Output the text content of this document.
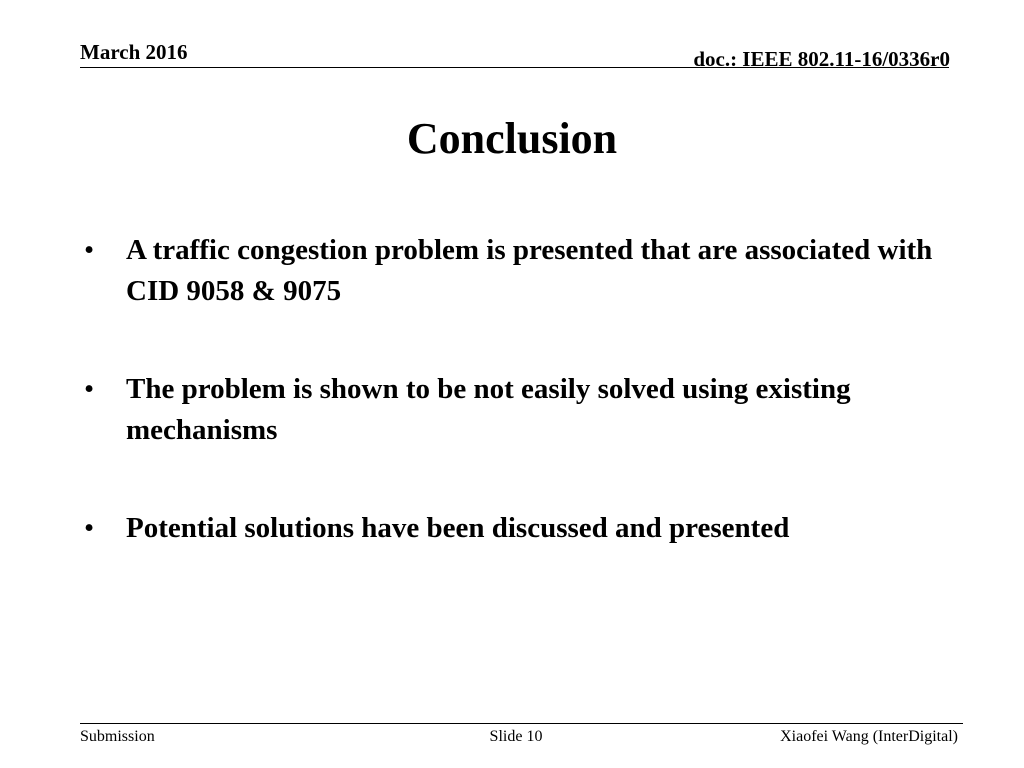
March 2016	doc.: IEEE 802.11-16/0336r0
Conclusion
•	A traffic congestion problem is presented that are associated with CID 9058 & 9075
•	The problem is shown to be not easily solved using existing mechanisms
•	Potential solutions have been discussed and presented
Submission	Slide 10	Xiaofei Wang (InterDigital)
